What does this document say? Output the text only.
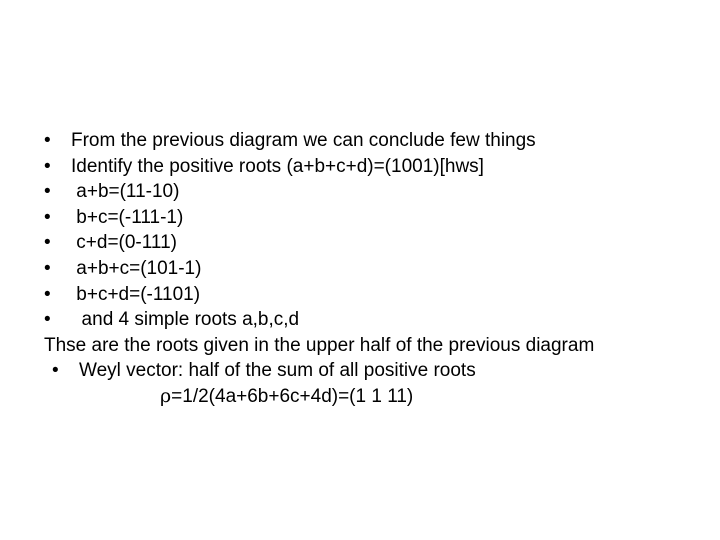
• From the previous diagram we can conclude few things
• Identify the positive roots (a+b+c+d)=(1001)[hws]
• a+b=(11-10)
• b+c=(-111-1)
• c+d=(0-111)
• a+b+c=(101-1)
• b+c+d=(-1101)
•  and 4 simple roots a,b,c,d
Thse are the roots given in the upper half of the previous diagram
• Weyl vector: half of the sum of all positive roots
ρ=1/2(4a+6b+6c+4d)=(1 1 11)
